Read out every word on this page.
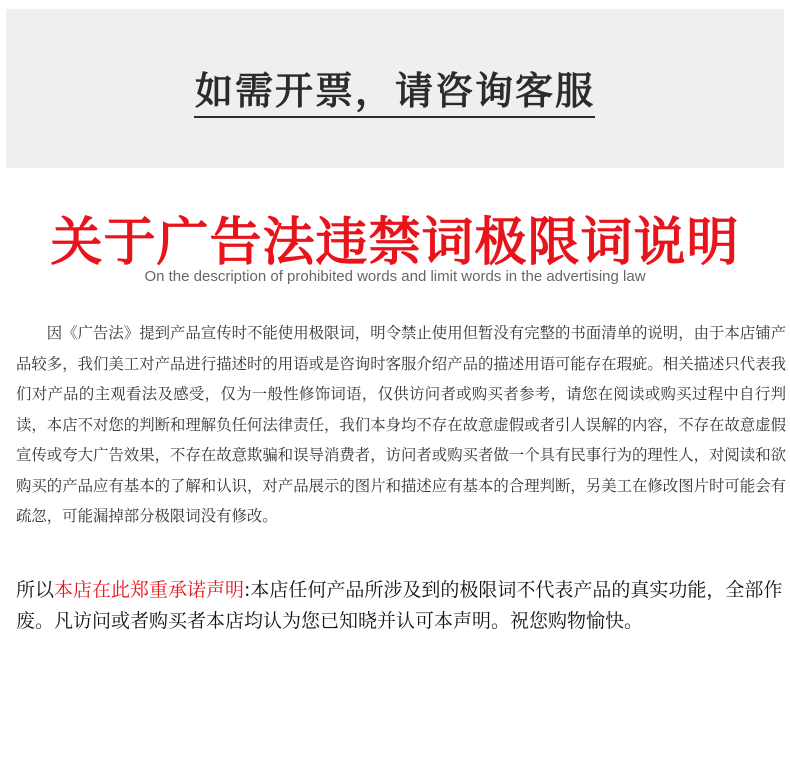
如需开票，请咨询客服
关于广告法违禁词极限词说明

On the description of prohibited words and limit words in the advertising law

因《广告法》提到产品宣传时不能使用极限词，明令禁止使用但暂没有完整的书面清单的说明，由于本店铺产品较多，我们美工对产品进行描述时的用语或是咨询时客服介绍产品的描述用语可能存在瑕疵。相关描述只代表我们对产品的主观看法及感受，仅为一般性修饰词语，仅供访问者或购买者参考，请您在阅读或购买过程中自行判读，本店不对您的判断和理解负任何法律责任，我们本身均不存在故意虚假或者引人误解的内容，不存在故意虚假宣传或夸大广告效果，不存在故意欺骗和误导消费者，访问者或购买者做一个具有民事行为的理性人，对阅读和欲购买的产品应有基本的了解和认识，对产品展示的图片和描述应有基本的合理判断，另美工在修改图片时可能会有疏忽，可能漏掉部分极限词没有修改。

所以本店在此郑重承诺声明:本店任何产品所涉及到的极限词不代表产品的真实功能，全部作废。凡访问或者购买者本店均认为您已知晓并认可本声明。祝您购物愉快。
